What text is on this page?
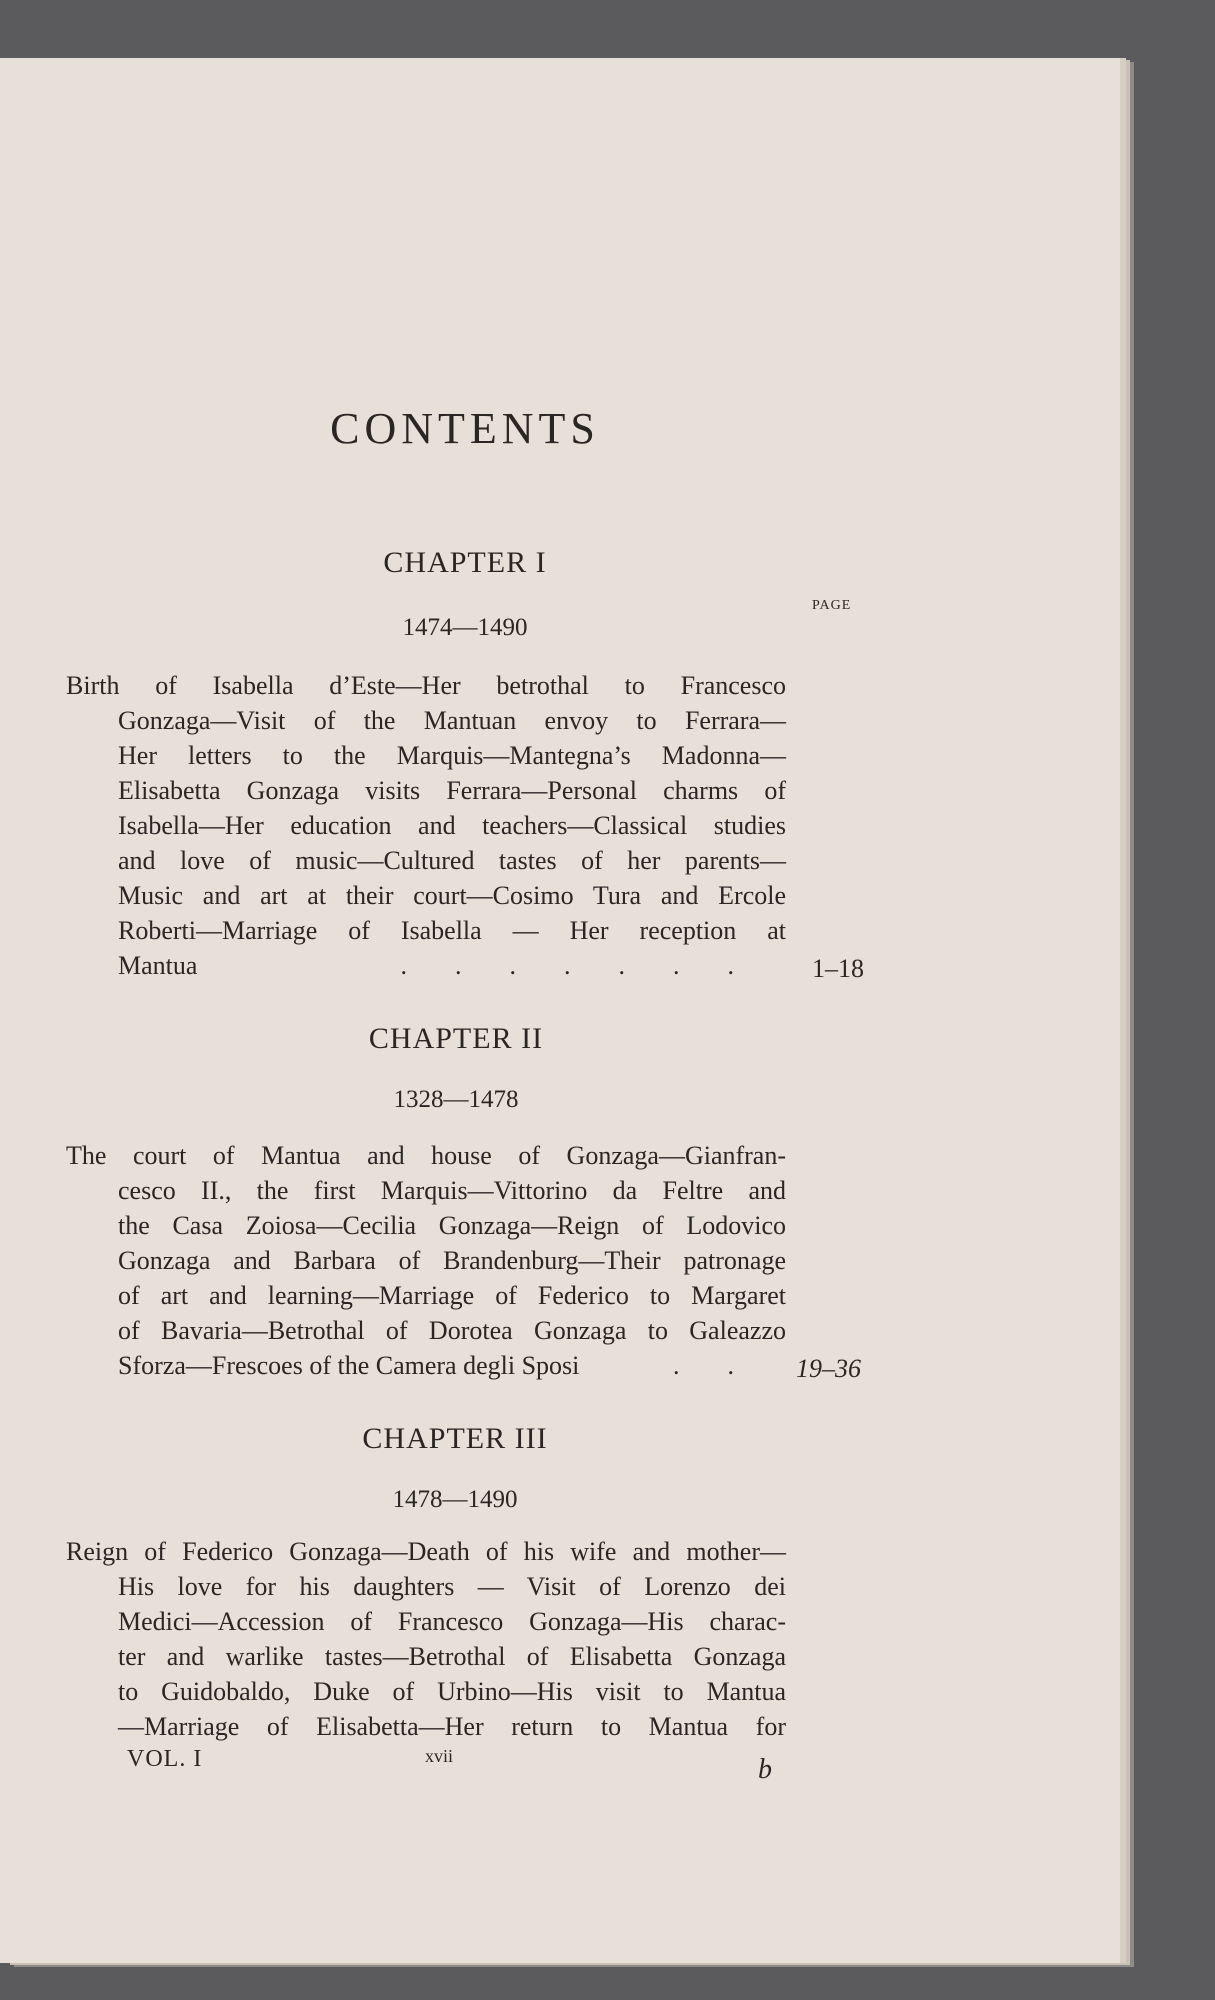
CONTENTS
CHAPTER I
1474—1490
PAGE
Birth of Isabella d’Este—Her betrothal to Francesco
Gonzaga—Visit of the Mantuan envoy to Ferrara—
Her letters to the Marquis—Mantegna’s Madonna—
Elisabetta Gonzaga visits Ferrara—Personal charms of
Isabella—Her education and teachers—Classical studies
and love of music—Cultured tastes of her parents—
Music and art at their court—Cosimo Tura and Ercole
Roberti—Marriage of Isabella — Her reception at
Mantua	....... 1–18
CHAPTER II
1328—1478
The court of Mantua and house of Gonzaga—Gianfran-
cesco II., the first Marquis—Vittorino da Feltre and
the Casa Zoiosa—Cecilia Gonzaga—Reign of Lodovico
Gonzaga and Barbara of Brandenburg—Their patronage
of art and learning—Marriage of Federico to Margaret
of Bavaria—Betrothal of Dorotea Gonzaga to Galeazzo
Sforza—Frescoes of the Camera degli Sposi	.. 19–36
CHAPTER III
1478—1490
Reign of Federico Gonzaga—Death of his wife and mother—
His love for his daughters — Visit of Lorenzo dei
Medici—Accession of Francesco Gonzaga—His charac-
ter and warlike tastes—Betrothal of Elisabetta Gonzaga
to Guidobaldo, Duke of Urbino—His visit to Mantua
—Marriage of Elisabetta—Her return to Mantua for
VOL. I	xvii	b
